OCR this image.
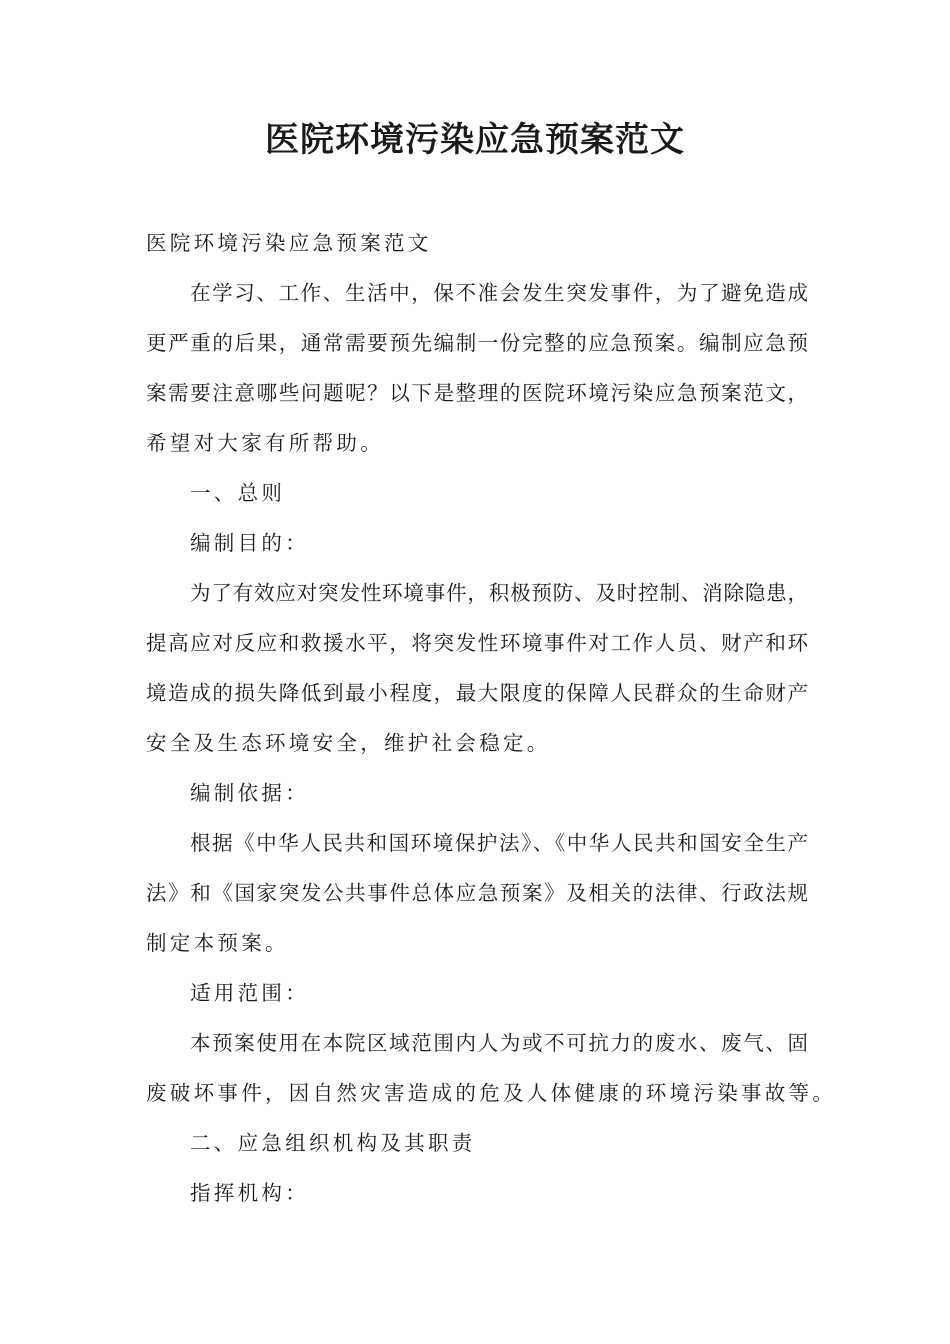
医院环境污染应急预案范文

医院环境污染应急预案范文

在学习、工作、生活中，保不准会发生突发事件，为了避免造成

更严重的后果，通常需要预先编制一份完整的应急预案。编制应急预

案需要注意哪些问题呢？以下是整理的医院环境污染应急预案范文，

希望对大家有所帮助。

一、总则

编制目的：

为了有效应对突发性环境事件，积极预防、及时控制、消除隐患，

提高应对反应和救援水平，将突发性环境事件对工作人员、财产和环

境造成的损失降低到最小程度，最大限度的保障人民群众的生命财产

安全及生态环境安全，维护社会稳定。

编制依据：

根据《中华人民共和国环境保护法》、《中华人民共和国安全生产

法》和《国家突发公共事件总体应急预案》及相关的法律、行政法规

制定本预案。

适用范围：

本预案使用在本院区域范围内人为或不可抗力的废水、废气、固

废破坏事件，因自然灾害造成的危及人体健康的环境污染事故等。

二、应急组织机构及其职责

指挥机构：
